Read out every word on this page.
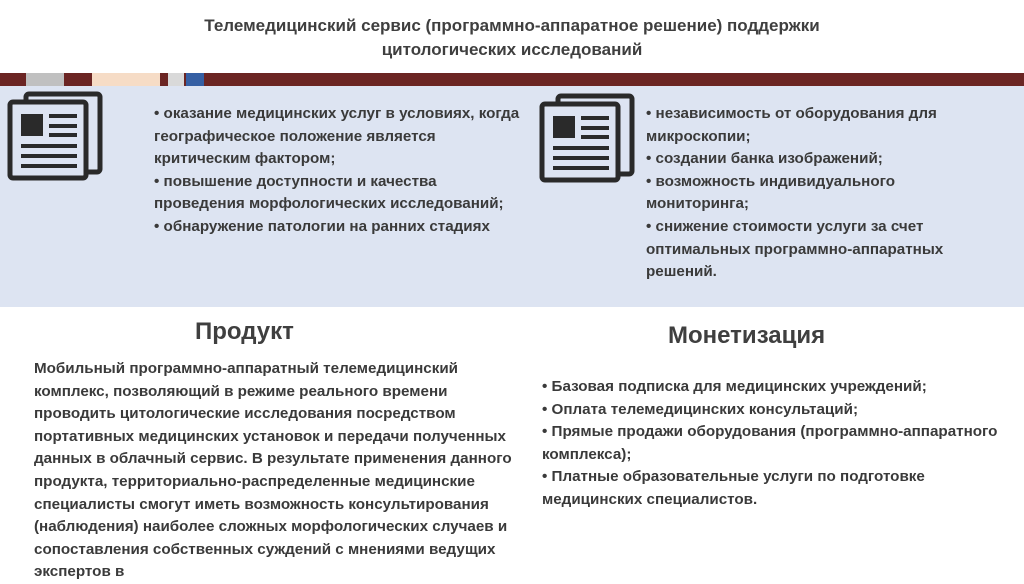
Телемедицинский сервис (программно-аппаратное решение) поддержки
цитологических исследований

• оказание медицинских услуг в условиях, когда географическое положение является критическим фактором;

• повышение доступности и качества проведения морфологических исследований;

• обнаружение патологии на ранних стадиях

• независимость от оборудования для микроскопии;

• создании банка изображений;

• возможность индивидуального мониторинга;

• снижение стоимости услуги за счет оптимальных программно-аппаратных решений.

Продукт	Монетизация
Мобильный программно-аппаратный телемедицинский комплекс, позволяющий в режиме реального времени проводить цитологические исследования посредством портативных медицинских установок и передачи полученных данных в облачный сервис. В результате применения данного продукта, территориально-распределенные медицинские специалисты смогут иметь возможность консультирования (наблюдения) наиболее сложных морфологических случаев и сопоставления собственных суждений с мнениями ведущих экспертов в

• Базовая подписка для медицинских учреждений;

• Оплата телемедицинских консультаций;

• Прямые продажи оборудования (программно-аппаратного комплекса);

• Платные образовательные услуги по подготовке медицинских специалистов.
